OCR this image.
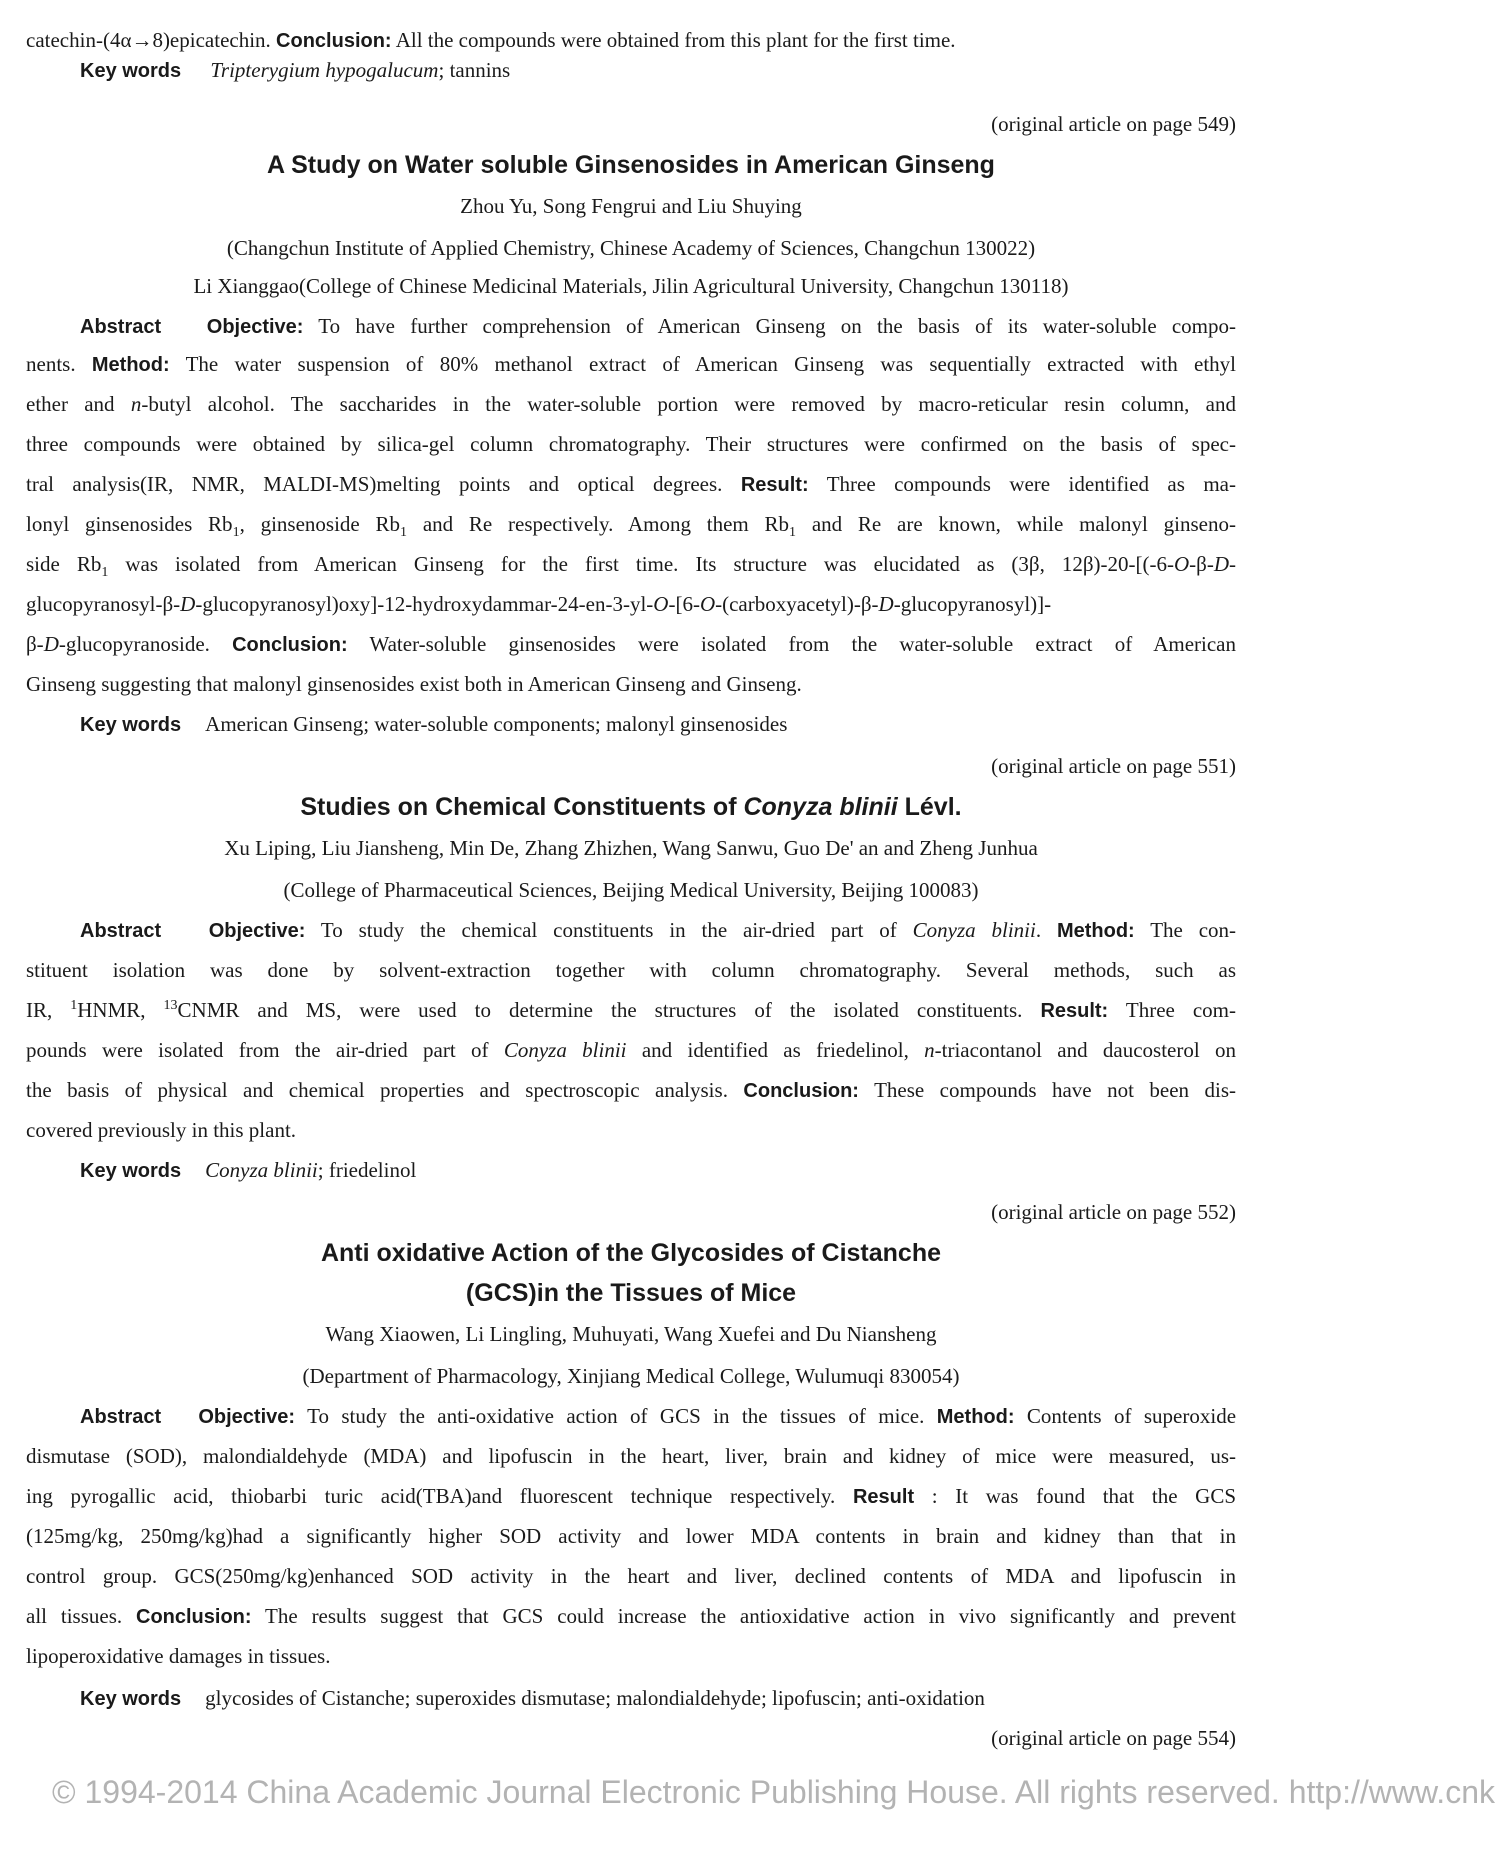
catechin-(4α→8)epicatechin. Conclusion: All the compounds were obtained from this plant for the first time.
Key words Tripterygium hypogalucum; tannins
(original article on page 549)
A Study on Water soluble Ginsenosides in American Ginseng
Zhou Yu, Song Fengrui and Liu Shuying
(Changchun Institute of Applied Chemistry, Chinese Academy of Sciences, Changchun 130022)
Li Xianggao(College of Chinese Medicinal Materials, Jilin Agricultural University, Changchun 130118)
Abstract Objective: To have further comprehension of American Ginseng on the basis of its water-soluble compo-
nents. Method: The water suspension of 80% methanol extract of American Ginseng was sequentially extracted with ethyl
ether and n-butyl alcohol. The saccharides in the water-soluble portion were removed by macro-reticular resin column, and
three compounds were obtained by silica-gel column chromatography. Their structures were confirmed on the basis of spec-
tral analysis(IR, NMR, MALDI-MS)melting points and optical degrees. Result: Three compounds were identified as ma-
lonyl ginsenosides $Rb_1$, ginsenoside $Rb_1$ and Re respectively. Among them $Rb_1$ and Re are known, while malonyl ginseno-
side $Rb_1$ was isolated from American Ginseng for the first time. Its structure was elucidated as (3β, 12β)-20-[(-6-O-β-D-
glucopyranosyl-β-D-glucopyranosyl)oxy]-12-hydroxydammar-24-en-3-yl-O-[6-O-(carboxyacetyl)-β-D-glucopyranosyl)]-
β-D-glucopyranoside. Conclusion: Water-soluble ginsenosides were isolated from the water-soluble extract of American
Ginseng suggesting that malonyl ginsenosides exist both in American Ginseng and Ginseng.
Key words American Ginseng; water-soluble components; malonyl ginsenosides
(original article on page 551)
Studies on Chemical Constituents of Conyza blinii Lévl.
Xu Liping, Liu Jiansheng, Min De, Zhang Zhizhen, Wang Sanwu, Guo De' an and Zheng Junhua
(College of Pharmaceutical Sciences, Beijing Medical University, Beijing 100083)
Abstract Objective: To study the chemical constituents in the air-dried part of Conyza blinii. Method: The con-
stituent isolation was done by solvent-extraction together with column chromatography. Several methods, such as
IR, $^1$HNMR, $^{13}$CNMR and MS, were used to determine the structures of the isolated constituents. Result: Three com-
pounds were isolated from the air-dried part of Conyza blinii and identified as friedelinol, n-triacontanol and daucosterol on
the basis of physical and chemical properties and spectroscopic analysis. Conclusion: These compounds have not been dis-
covered previously in this plant.
Key words Conyza blinii; friedelinol
(original article on page 552)
Anti oxidative Action of the Glycosides of Cistanche
(GCS)in the Tissues of Mice
Wang Xiaowen, Li Lingling, Muhuyati, Wang Xuefei and Du Niansheng
(Department of Pharmacology, Xinjiang Medical College, Wulumuqi 830054)
Abstract Objective: To study the anti-oxidative action of GCS in the tissues of mice. Method: Contents of superoxide
dismutase (SOD), malondialdehyde (MDA) and lipofuscin in the heart, liver, brain and kidney of mice were measured, us-
ing pyrogallic acid, thiobarbi turic acid(TBA)and fluorescent technique respectively. Result : It was found that the GCS
(125mg/kg, 250mg/kg)had a significantly higher SOD activity and lower MDA contents in brain and kidney than that in
control group. GCS(250mg/kg)enhanced SOD activity in the heart and liver, declined contents of MDA and lipofuscin in
all tissues. Conclusion: The results suggest that GCS could increase the antioxidative action in vivo significantly and prevent
lipoperoxidative damages in tissues.
Key words glycosides of Cistanche; superoxides dismutase; malondialdehyde; lipofuscin; anti-oxidation
(original article on page 554)
© 1994-2014 China Academic Journal Electronic Publishing House. All rights reserved. http://www.cnk
